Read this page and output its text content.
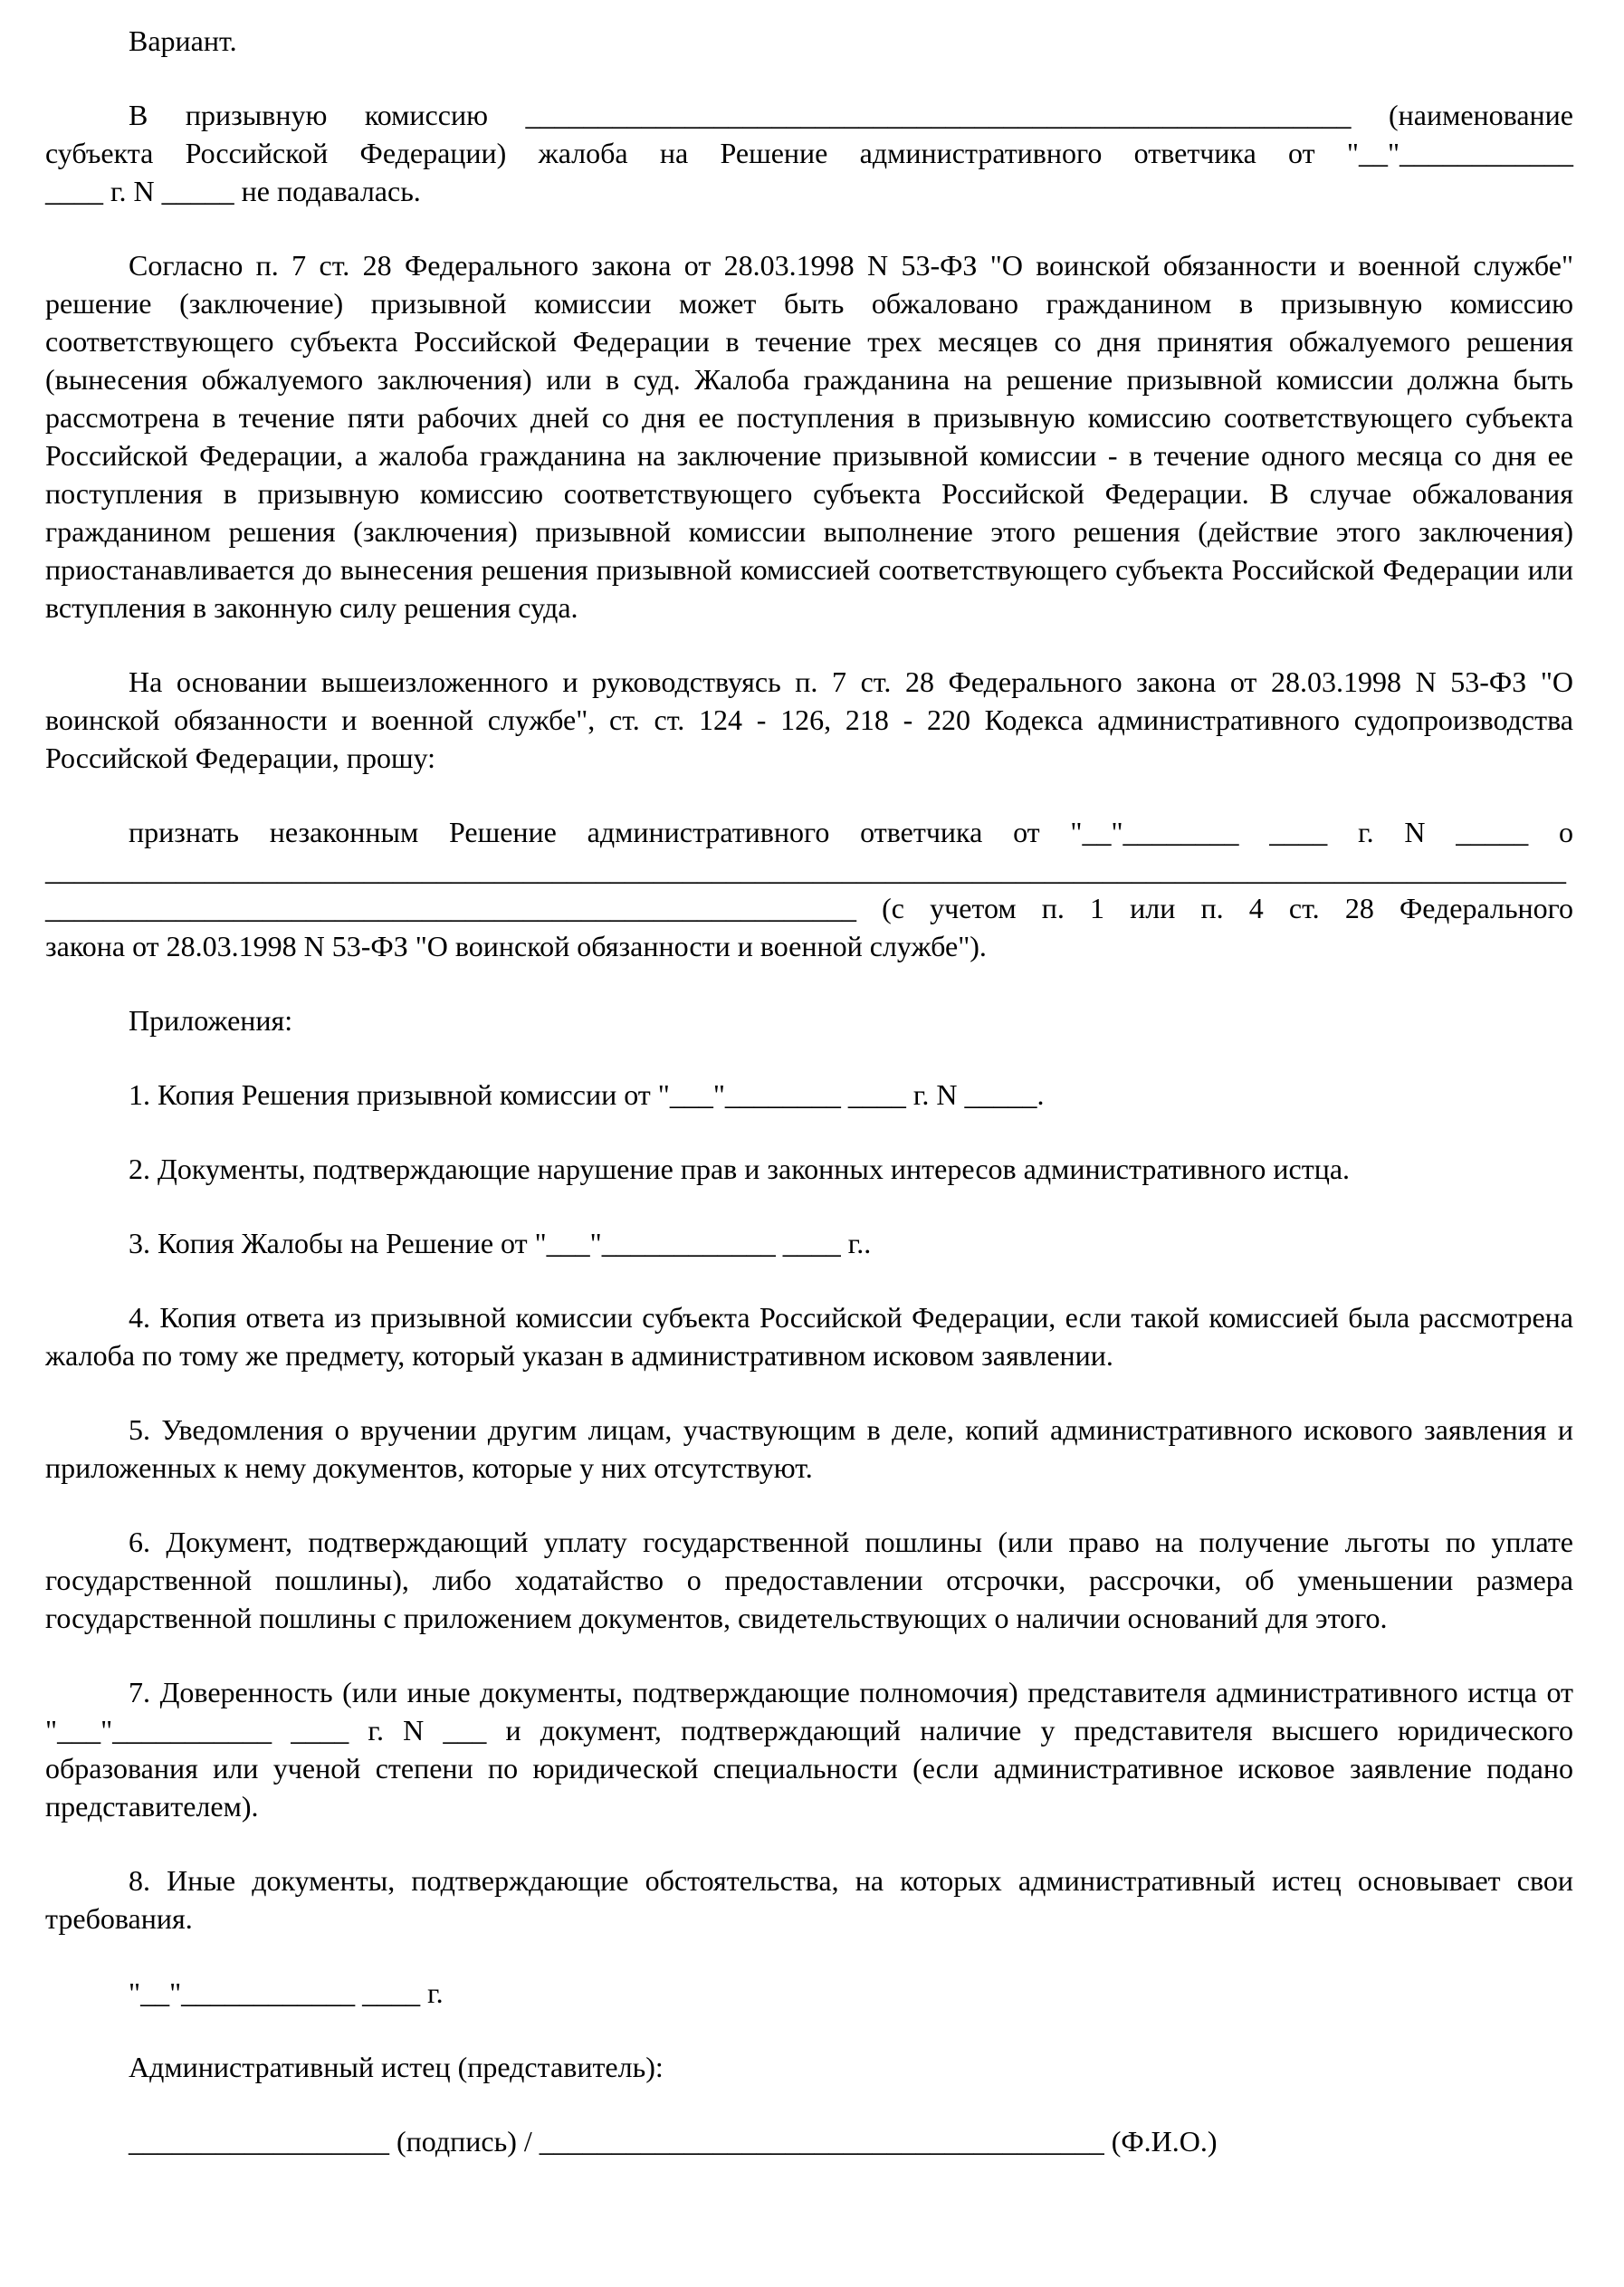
Вариант.

В призывную комиссию _________________________________________________________ (наименование
субъекта Российской Федерации) жалоба на Решение административного ответчика от "__"____________
____ г. N _____ не подавалась.

Согласно п. 7 ст. 28 Федерального закона от 28.03.1998 N 53-ФЗ "О воинской обязанности и военной службе" решение (заключение) призывной комиссии может быть обжаловано гражданином в призывную комиссию соответствующего субъекта Российской Федерации в течение трех месяцев со дня принятия обжалуемого решения (вынесения обжалуемого заключения) или в суд. Жалоба гражданина на решение призывной комиссии должна быть рассмотрена в течение пяти рабочих дней со дня ее поступления в призывную комиссию соответствующего субъекта Российской Федерации, а жалоба гражданина на заключение призывной комиссии - в течение одного месяца со дня ее поступления в призывную комиссию соответствующего субъекта Российской Федерации. В случае обжалования гражданином решения (заключения) призывной комиссии выполнение этого решения (действие этого заключения) приостанавливается до вынесения решения призывной комиссией соответствующего субъекта Российской Федерации или вступления в законную силу решения суда.

На основании вышеизложенного и руководствуясь п. 7 ст. 28 Федерального закона от 28.03.1998 N 53-ФЗ "О воинской обязанности и военной службе", ст. ст. 124 - 126, 218 - 220 Кодекса административного судопроизводства Российской Федерации, прошу:

признать незаконным Решение административного ответчика от "__"________ ____ г. N _____ о
_________________________________________________________________________________________________________
________________________________________________________ (с учетом п. 1 или п. 4 ст. 28 Федерального
закона от 28.03.1998 N 53-ФЗ "О воинской обязанности и военной службе").

Приложения:

1. Копия Решения призывной комиссии от "___"________ ____ г. N _____.

2. Документы, подтверждающие нарушение прав и законных интересов административного истца.

3. Копия Жалобы на Решение от "___"____________ ____ г..

4. Копия ответа из призывной комиссии субъекта Российской Федерации, если такой комиссией была рассмотрена жалоба по тому же предмету, который указан в административном исковом заявлении.

5. Уведомления о вручении другим лицам, участвующим в деле, копий административного искового заявления и приложенных к нему документов, которые у них отсутствуют.

6. Документ, подтверждающий уплату государственной пошлины (или право на получение льготы по уплате государственной пошлины), либо ходатайство о предоставлении отсрочки, рассрочки, об уменьшении размера государственной пошлины с приложением документов, свидетельствующих о наличии оснований для этого.

7. Доверенность (или иные документы, подтверждающие полномочия) представителя административного истца от "___"___________ ____ г. N ___ и документ, подтверждающий наличие у представителя высшего юридического образования или ученой степени по юридической специальности (если административное исковое заявление подано представителем).

8. Иные документы, подтверждающие обстоятельства, на которых административный истец основывает свои требования.

"__"____________ ____ г.

Административный истец (представитель):

__________________ (подпись) / _______________________________________ (Ф.И.О.)
